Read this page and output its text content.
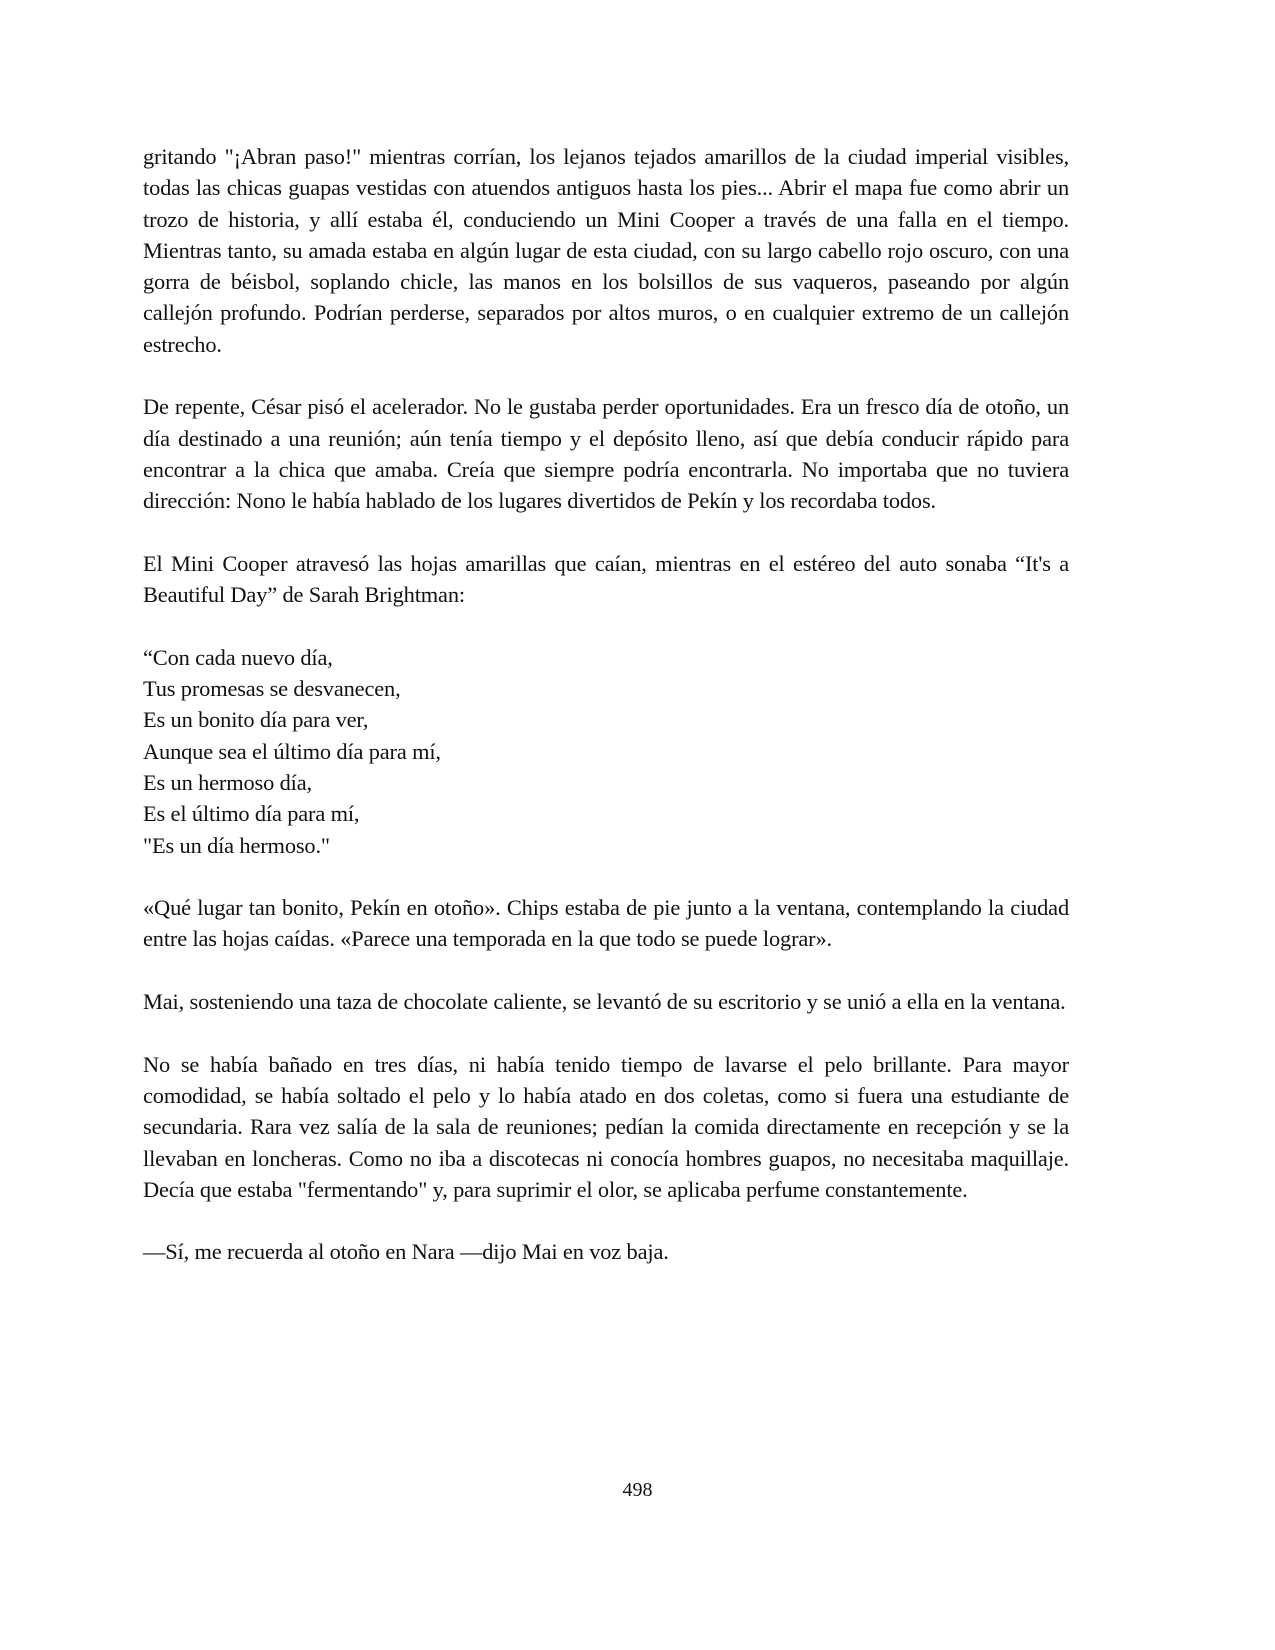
gritando "¡Abran paso!" mientras corrían, los lejanos tejados amarillos de la ciudad imperial visibles, todas las chicas guapas vestidas con atuendos antiguos hasta los pies... Abrir el mapa fue como abrir un trozo de historia, y allí estaba él, conduciendo un Mini Cooper a través de una falla en el tiempo. Mientras tanto, su amada estaba en algún lugar de esta ciudad, con su largo cabello rojo oscuro, con una gorra de béisbol, soplando chicle, las manos en los bolsillos de sus vaqueros, paseando por algún callejón profundo. Podrían perderse, separados por altos muros, o en cualquier extremo de un callejón estrecho.

De repente, César pisó el acelerador. No le gustaba perder oportunidades. Era un fresco día de otoño, un día destinado a una reunión; aún tenía tiempo y el depósito lleno, así que debía conducir rápido para encontrar a la chica que amaba. Creía que siempre podría encontrarla. No importaba que no tuviera dirección: Nono le había hablado de los lugares divertidos de Pekín y los recordaba todos.

El Mini Cooper atravesó las hojas amarillas que caían, mientras en el estéreo del auto sonaba “It's a Beautiful Day” de Sarah Brightman:

“Con cada nuevo día,
Tus promesas se desvanecen,
Es un bonito día para ver,
Aunque sea el último día para mí,
Es un hermoso día,
Es el último día para mí,
"Es un día hermoso."

«Qué lugar tan bonito, Pekín en otoño». Chips estaba de pie junto a la ventana, contemplando la ciudad entre las hojas caídas. «Parece una temporada en la que todo se puede lograr».

Mai, sosteniendo una taza de chocolate caliente, se levantó de su escritorio y se unió a ella en la ventana.

No se había bañado en tres días, ni había tenido tiempo de lavarse el pelo brillante. Para mayor comodidad, se había soltado el pelo y lo había atado en dos coletas, como si fuera una estudiante de secundaria. Rara vez salía de la sala de reuniones; pedían la comida directamente en recepción y se la llevaban en loncheras. Como no iba a discotecas ni conocía hombres guapos, no necesitaba maquillaje. Decía que estaba "fermentando" y, para suprimir el olor, se aplicaba perfume constantemente.

—Sí, me recuerda al otoño en Nara —dijo Mai en voz baja.

498
